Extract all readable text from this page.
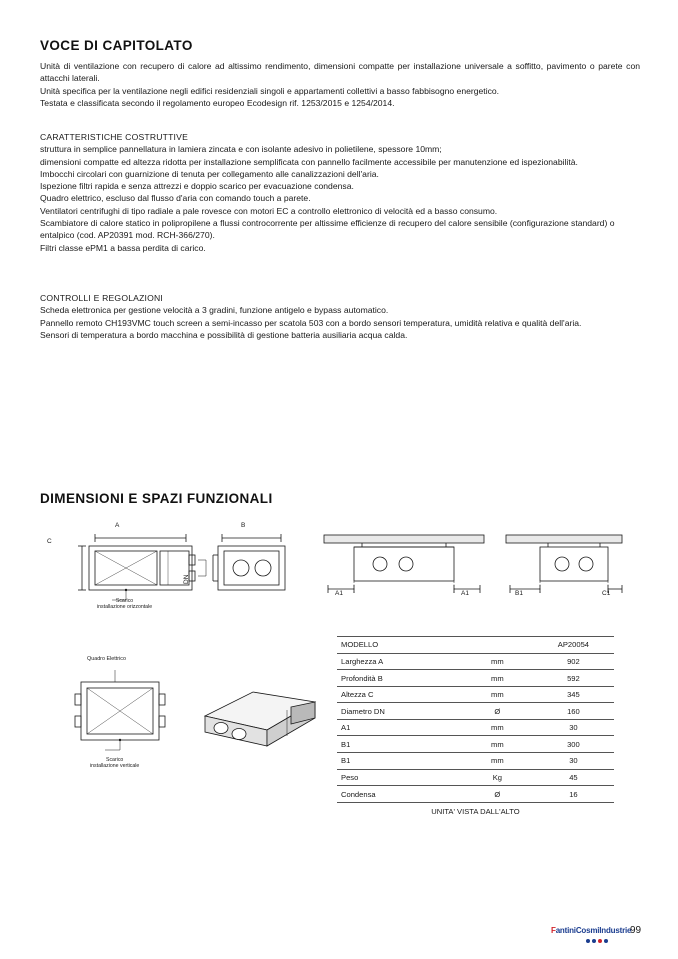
VOCE DI CAPITOLATO

Unità di ventilazione con recupero di calore ad altissimo rendimento, dimensioni compatte per installazione universale a soffitto, pavimento o parete con attacchi laterali.

Unità specifica per la ventilazione negli edifici residenziali singoli e appartamenti collettivi a basso fabbisogno energetico.

Testata e classificata secondo il regolamento europeo Ecodesign rif. 1253/2015 e 1254/2014.

CARATTERISTICHE COSTRUTTIVE

struttura in semplice pannellatura in lamiera zincata e con isolante adesivo in polietilene, spessore 10mm;

dimensioni compatte ed altezza ridotta per installazione semplificata con pannello facilmente accessibile per manutenzione ed ispezionabilità.

Imbocchi circolari con guarnizione di tenuta per collegamento alle canalizzazioni dell'aria.

Ispezione filtri rapida e senza attrezzi e doppio scarico per evacuazione condensa.

Quadro elettrico, escluso dal flusso d'aria con comando touch a parete.

Ventilatori centrifughi di tipo radiale a pale rovesce con motori EC a controllo elettronico di velocità ed a basso consumo.

Scambiatore di calore statico in polipropilene a flussi controcorrente per altissime efficienze di recupero del calore sensibile (configurazione standard) o entalpico (cod. AP20391 mod. RCH-366/270).

Filtri classe ePM1 a bassa perdita di carico.

CONTROLLI E REGOLAZIONI

Scheda elettronica per gestione velocità a 3 gradini, funzione antigelo e bypass automatico.

Pannello remoto CH193VMC touch screen a semi-incasso per scatola 503 con a bordo sensori temperatura, umidità relativa e qualità dell'aria.

Sensori di temperatura a bordo macchina e possibilità di gestione batteria ausiliaria acqua calda.

DIMENSIONI E SPAZI FUNZIONALI
A
C
DN
Scarico
installazione orizzontale
B
A1	A1	B1	C1
Quadro Elettrico
Scarico
installazione verticale
MODELLO		AP20054
Larghezza A	mm	902
Profondità B	mm	592
Altezza C	mm	345
Diametro DN	Ø	160
A1	mm	30
B1	mm	300
B1	mm	30
Peso	Kg	45
Condensa	Ø	16
UNITA' VISTA DALL'ALTO		
FantiniCosmiIndustrie
99
